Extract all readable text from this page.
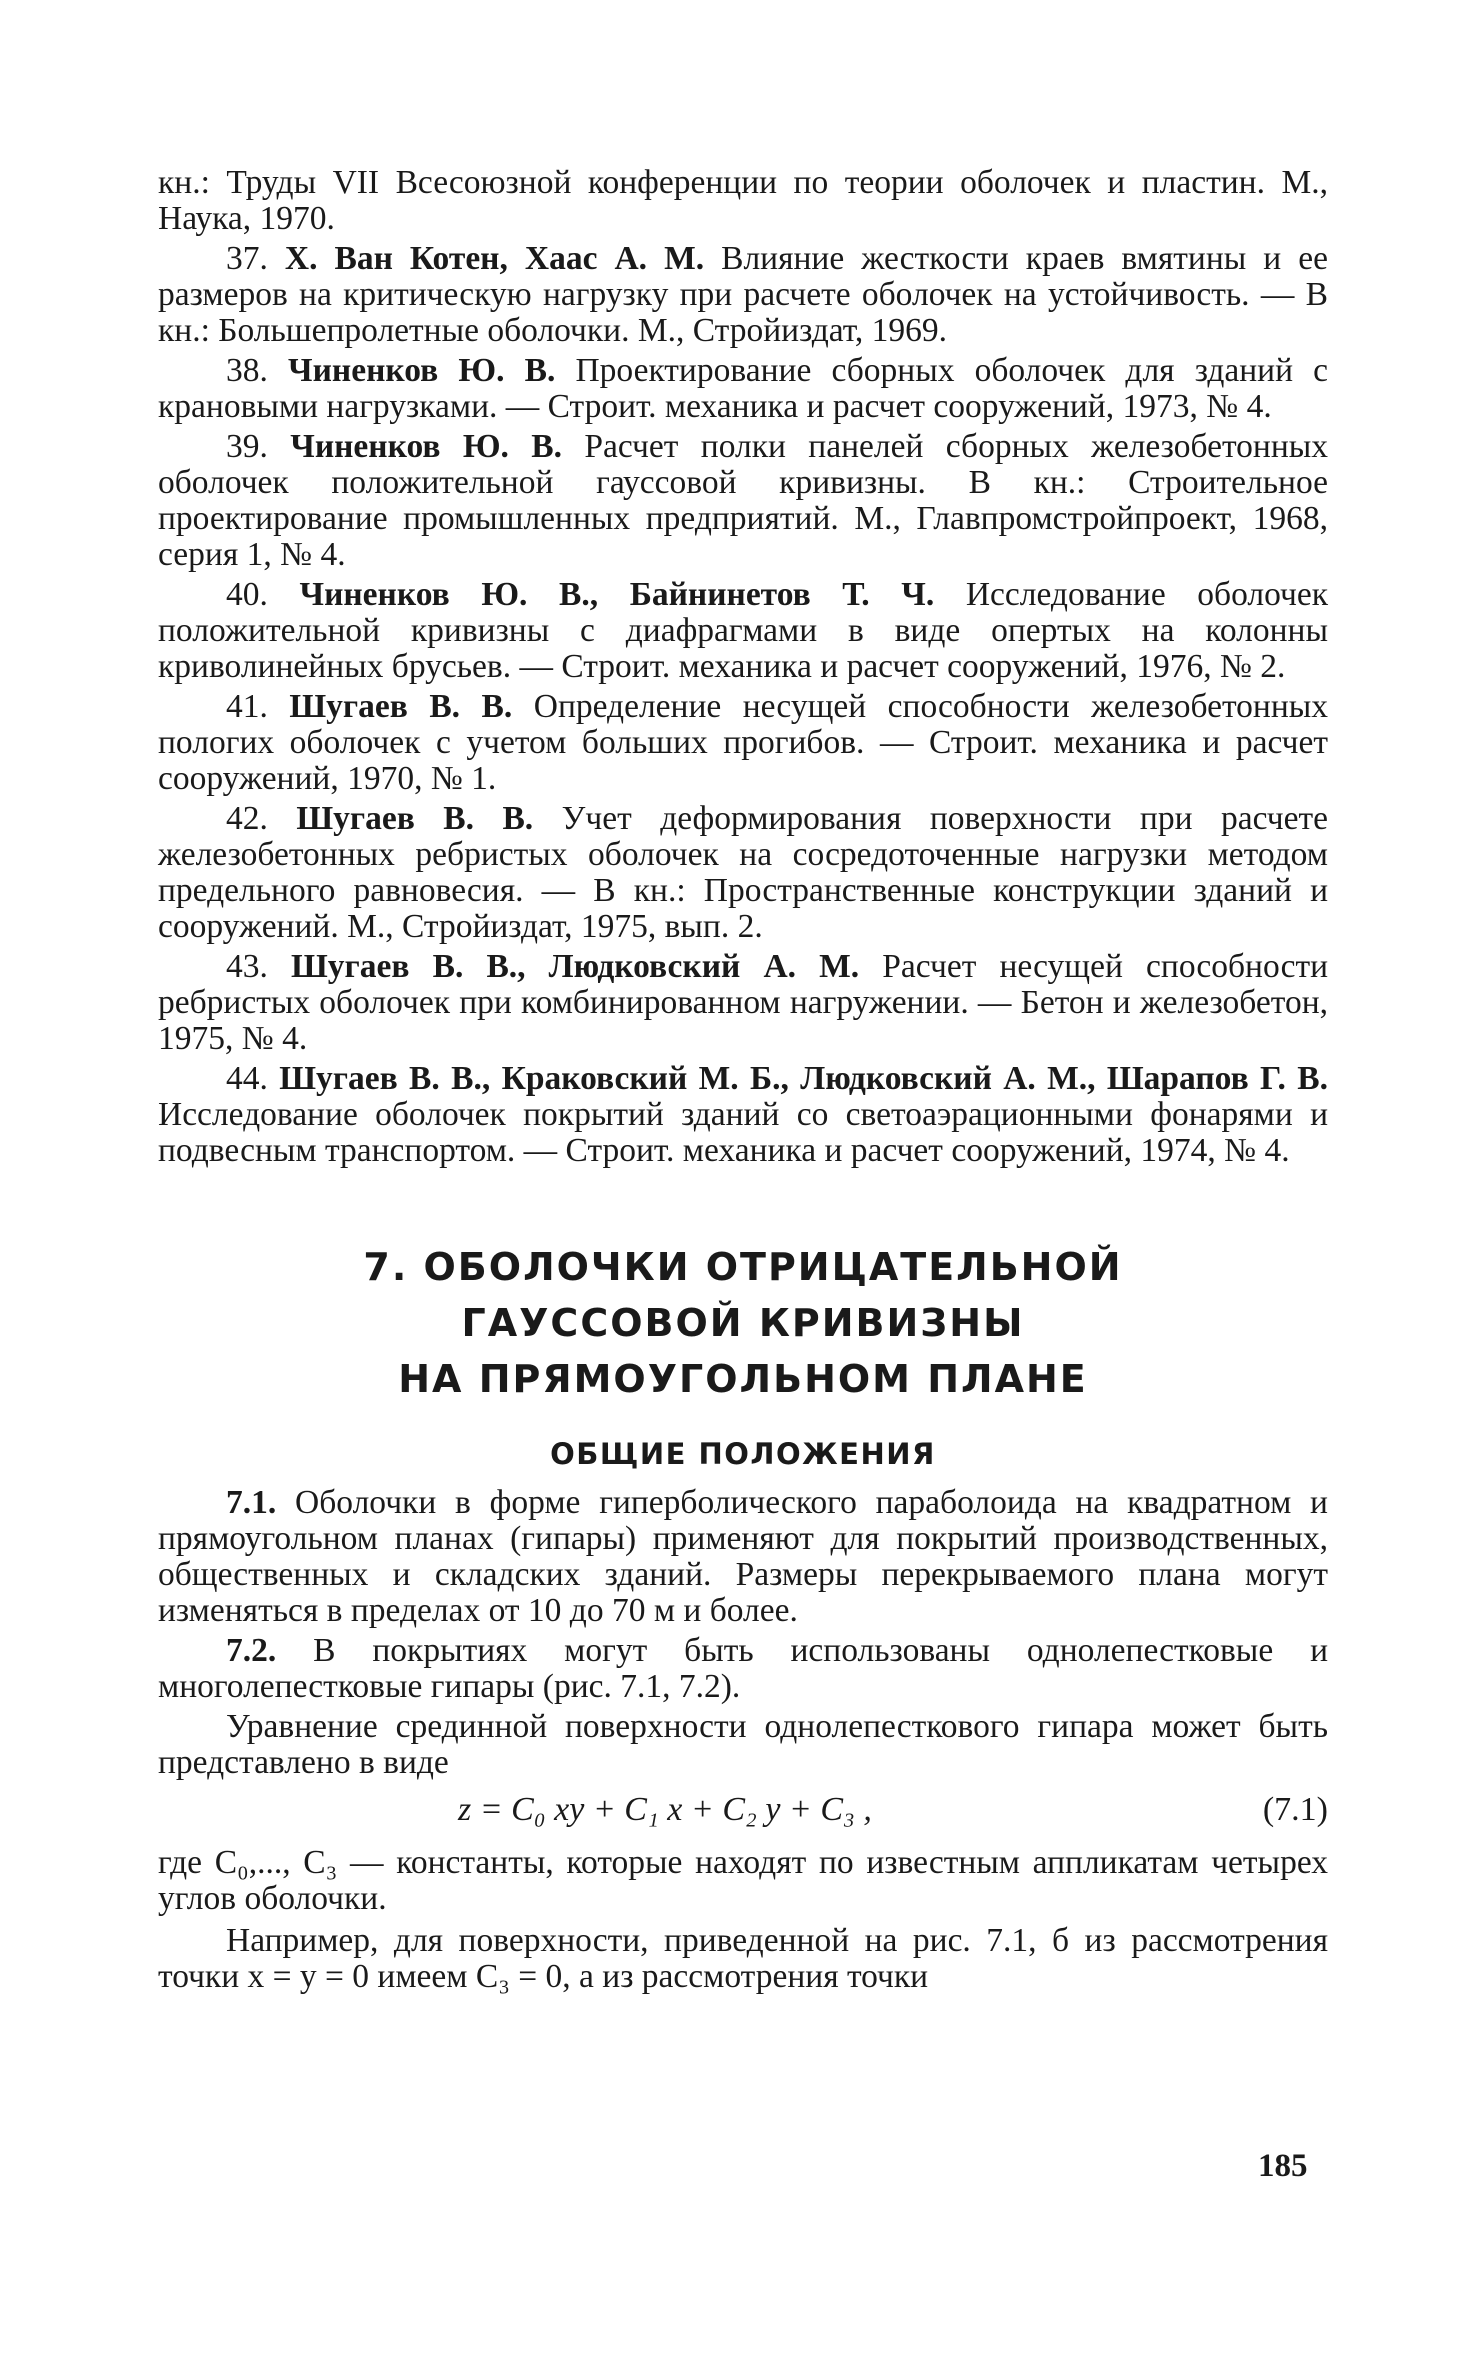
кн.: Труды VII Всесоюзной конференции по теории оболочек и пластин. М., Наука, 1970.

37. Х. Ван Котен, Хаас А. М. Влияние жесткости краев вмятины и ее размеров на критическую нагрузку при расчете оболочек на устойчивость. — В кн.: Большепролетные оболочки. М., Стройиздат, 1969.

38. Чиненков Ю. В. Проектирование сборных оболочек для зданий с крановыми нагрузками. — Строит. механика и расчет сооружений, 1973, № 4.

39. Чиненков Ю. В. Расчет полки панелей сборных железобетонных оболочек положительной гауссовой кривизны. В кн.: Строительное проектирование промышленных предприятий. М., Главпромстройпроект, 1968, серия 1, № 4.

40. Чиненков Ю. В., Байнинетов Т. Ч. Исследование оболочек положительной кривизны с диафрагмами в виде опертых на колонны криволинейных брусьев. — Строит. механика и расчет сооружений, 1976, № 2.

41. Шугаев В. В. Определение несущей способности железобетонных пологих оболочек с учетом больших прогибов. — Строит. механика и расчет сооружений, 1970, № 1.

42. Шугаев В. В. Учет деформирования поверхности при расчете железобетонных ребристых оболочек на сосредоточенные нагрузки методом предельного равновесия. — В кн.: Пространственные конструкции зданий и сооружений. М., Стройиздат, 1975, вып. 2.

43. Шугаев В. В., Людковский А. М. Расчет несущей способности ребристых оболочек при комбинированном нагружении. — Бетон и железобетон, 1975, № 4.

44. Шугаев В. В., Краковский М. Б., Людковский А. М., Шарапов Г. В. Исследование оболочек покрытий зданий со светоаэрационными фонарями и подвесным транспортом. — Строит. механика и расчет сооружений, 1974, № 4.

7. ОБОЛОЧКИ ОТРИЦАТЕЛЬНОЙ
ГАУССОВОЙ КРИВИЗНЫ
НА ПРЯМОУГОЛЬНОМ ПЛАНЕ
ОБЩИЕ ПОЛОЖЕНИЯ

7.1. Оболочки в форме гиперболического параболоида на квадратном и прямоугольном планах (гипары) применяют для покрытий производственных, общественных и складских зданий. Размеры перекрываемого плана могут изменяться в пределах от 10 до 70 м и более.

7.2. В покрытиях могут быть использованы однолепестковые и многолепестковые гипары (рис. 7.1, 7.2).

Уравнение срединной поверхности однолепесткового гипара может быть представлено в виде

z = C₀ xy + C₁ x + C₂ y + C₃ ,	(7.1)

где C₀,..., C₃ — константы, которые находят по известным аппликатам четырех углов оболочки.

Например, для поверхности, приведенной на рис. 7.1, б из рассмотрения точки x = y = 0 имеем C₃ = 0, а из рассмотрения точки

185
